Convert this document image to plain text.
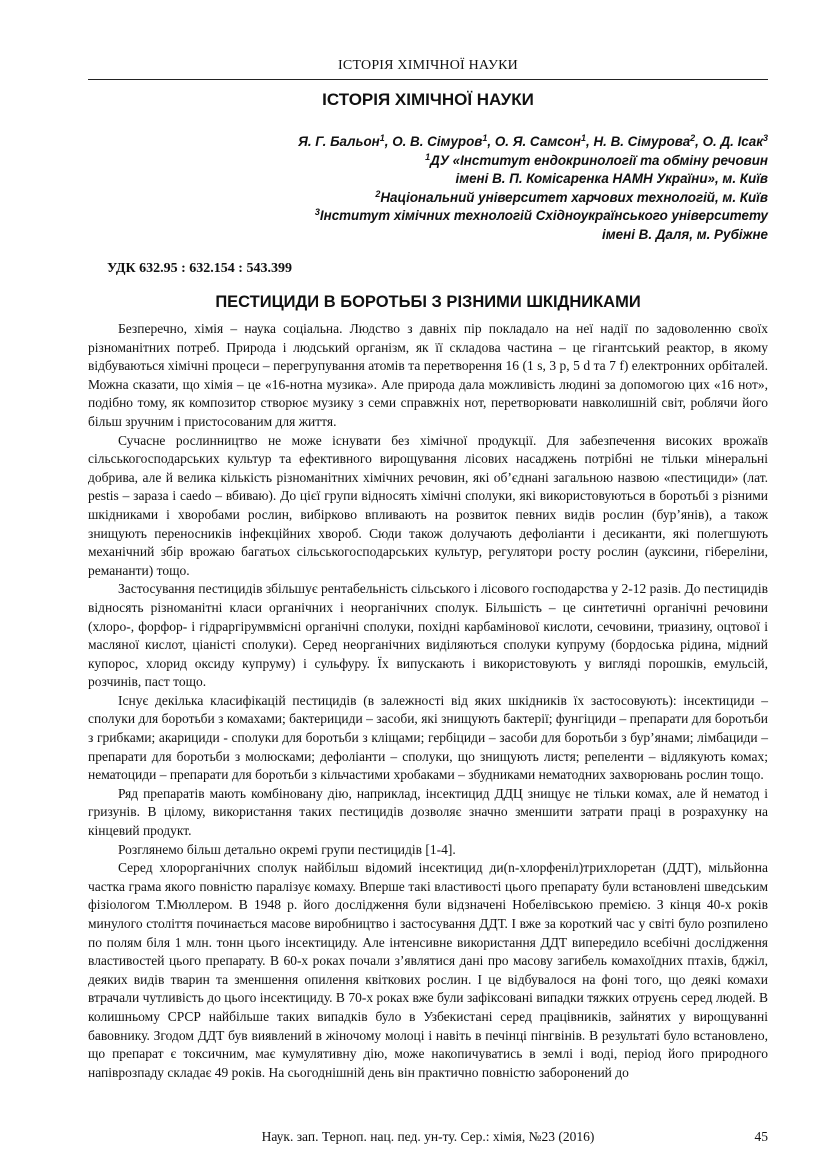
ІСТОРІЯ ХІМІЧНОЇ НАУКИ
ІСТОРІЯ ХІМІЧНОЇ НАУКИ
Я. Г. Бальон$^1$, О. В. Сімуров$^1$, О. Я. Самсон$^1$, Н. В. Сімурова$^2$, О. Д. Ісак$^3$
$^1$ДУ «Інститут ендокринології та обміну речовин
імені В. П. Комісаренка НАМН України», м. Київ
$^2$Національний університет харчових технологій, м. Київ
$^3$Інститут хімічних технологій Східноукраїнського університету
імені В. Даля, м. Рубіжне
УДК 632.95 : 632.154 : 543.399
ПЕСТИЦИДИ В БОРОТЬБІ З РІЗНИМИ ШКІДНИКАМИ

Безперечно, хімія – наука соціальна. Людство з давніх пір покладало на неї надії по задоволенню своїх різноманітних потреб. Природа і людський організм, як її складова частина – це гігантський реактор, в якому відбуваються хімічні процеси – перегрупування атомів та перетворення 16 (1 s, 3 p, 5 d та 7 f) електронних орбіталей. Можна сказати, що хімія – це «16-нотна музика». Але природа дала можливість людині за допомогою цих «16 нот», подібно тому, як композитор створює музику з семи справжніх нот, перетворювати навколишній світ, роблячи його більш зручним і пристосованим для життя.

Сучасне рослинництво не може існувати без хімічної продукції. Для забезпечення високих врожаїв сільськогосподарських культур та ефективного вирощування лісових насаджень потрібні не тільки мінеральні добрива, але й велика кількість різноманітних хімічних речовин, які об’єднані загальною назвою «пестициди» (лат. pestis – зараза і caedo – вбиваю). До цієї групи відносять хімічні сполуки, які використовуються в боротьбі з різними шкідниками і хворобами рослин, вибірково впливають на розвиток певних видів рослин (бур’янів), а також знищують переносників інфекційних хвороб. Сюди також долучають дефоліанти і десиканти, які полегшують механічний збір врожаю багатьох сільськогосподарських культур, регулятори росту рослин (ауксини, гібереліни, ремананти) тощо.

Застосування пестицидів збільшує рентабельність сільського і лісового господарства у 2-12 разів. До пестицидів відносять різноманітні класи органічних і неорганічних сполук. Більшість – це синтетичні органічні речовини (хлоро-, форфор- і гідраргірумвмісні органічні сполуки, похідні карбамінової кислоти, сечовини, триазину, оцтової і масляної кислот, ціаністі сполуки). Серед неорганічних виділяються сполуки купруму (бордоська рідина, мідний купорос, хлорид оксиду купруму) і сульфуру. Їх випускають і використовують у вигляді порошків, емульсій, розчинів, паст тощо.

Існує декілька класифікацій пестицидів (в залежності від яких шкідників їх застосовують): інсектициди – сполуки для боротьби з комахами; бактерициди – засоби, які знищують бактерії; фунгіциди – препарати для боротьби з грибками; акарициди - сполуки для боротьби з кліщами; гербіциди – засоби для боротьби з бур’янами; лімбациди – препарати для боротьби з молюсками; дефоліанти – сполуки, що знищують листя; репеленти – відлякують комах; нематоциди – препарати для боротьби з кільчастими хробаками – збудниками нематодних захворювань рослин тощо.

Ряд препаратів мають комбіновану дію, наприклад, інсектицид ДДЦ знищує не тільки комах, але й нематод і гризунів. В цілому, використання таких пестицидів дозволяє значно зменшити затрати праці в розрахунку на кінцевий продукт.

Розглянемо більш детально окремі групи пестицидів [1-4].

Серед хлорорганічних сполук найбільш відомий інсектицид ди(n-хлорфеніл)трихлоретан (ДДТ), мільйонна частка грама якого повністю паралізує комаху. Вперше такі властивості цього препарату були встановлені шведським фізіологом Т.Мюллером. В 1948 р. його дослідження були відзначені Нобелівською премією. З кінця 40-х років минулого століття починається масове виробництво і застосування ДДТ. І вже за короткий час у світі було розпилено по полям біля 1 млн. тонн цього інсектициду. Але інтенсивне використання ДДТ випередило всебічні дослідження властивостей цього препарату. В 60-х роках почали з’являтися дані про масову загибель комахоїдних птахів, бджіл, деяких видів тварин та зменшення опилення квіткових рослин. І це відбувалося на фоні того, що деякі комахи втрачали чутливість до цього інсектициду. В 70-х роках вже були зафіксовані випадки тяжких отруєнь серед людей. В колишньому СРСР найбільше таких випадків було в Узбекистані серед працівників, зайнятих у вирощуванні бавовнику. Згодом ДДТ був виявлений в жіночому молоці і навіть в печінці пінгвінів. В результаті було встановлено, що препарат є токсичним, має кумулятивну дію, може накопичуватись в землі і воді, період його природного напіврозпаду складає 49 років. На сьогоднішній день він практично повністю заборонений до

Наук. зап. Терноп. нац. пед. ун-ту. Сер.: хімія, №23 (2016)	45
